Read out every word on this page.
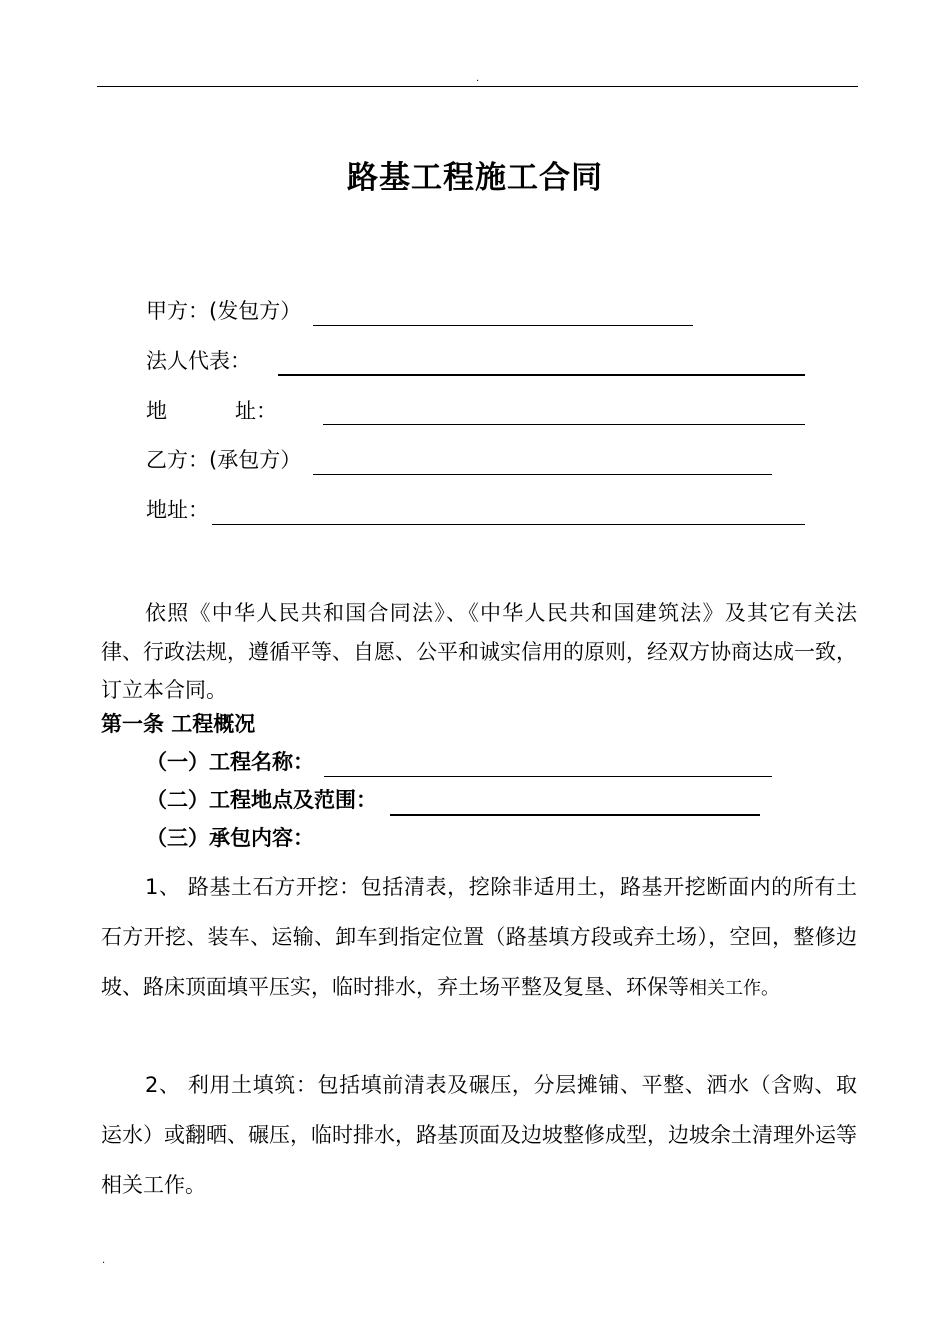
.
路基工程施工合同
甲方：(发包方）
法人代表：
地	址：
乙方：(承包方）
地址：
依照《中华人民共和国合同法》、《中华人民共和国建筑法》及其它有关法律、行政法规，遵循平等、自愿、公平和诚实信用的原则，经双方协商达成一致，订立本合同。
第一条 工程概况
（一）工程名称：
（二）工程地点及范围：
（三）承包内容：
1、 路基土石方开挖：包括清表，挖除非适用土，路基开挖断面内的所有土石方开挖、装车、运输、卸车到指定位置（路基填方段或弃土场），空回，整修边坡、路床顶面填平压实，临时排水，弃土场平整及复垦、环保等相关工作。
2、 利用土填筑：包括填前清表及碾压，分层摊铺、平整、洒水（含购、取运水）或翻晒、碾压，临时排水，路基顶面及边坡整修成型，边坡余土清理外运等相关工作。
.
